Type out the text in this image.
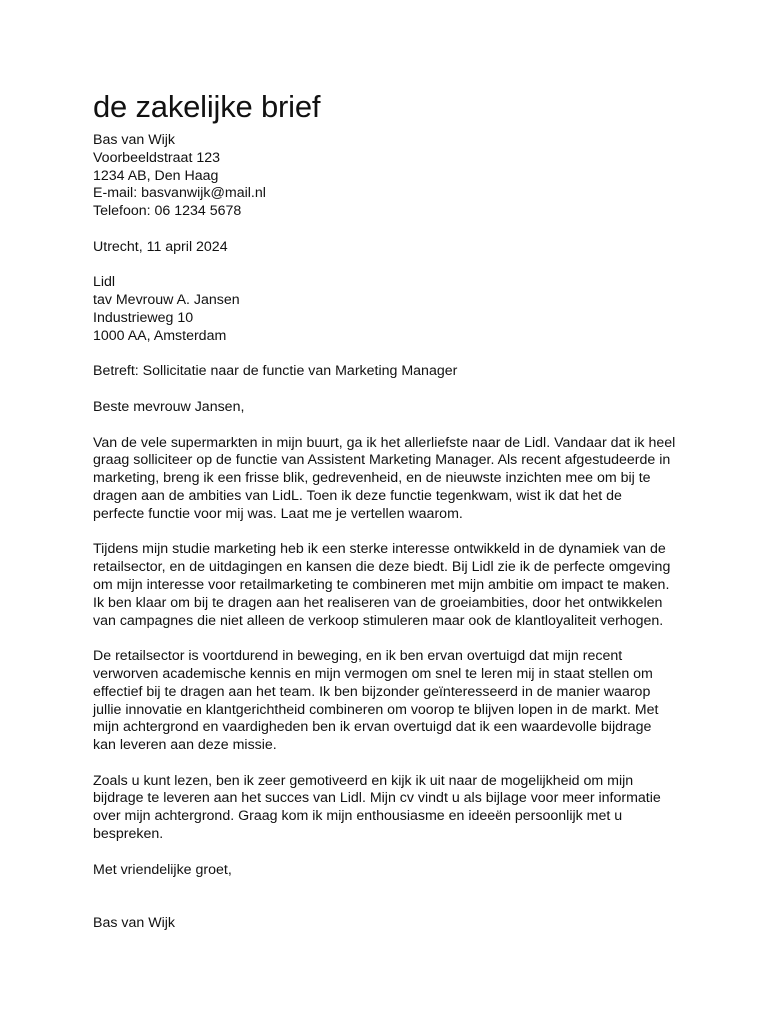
de zakelijke brief
Bas van Wijk
Voorbeeldstraat 123
1234 AB, Den Haag
E-mail: basvanwijk@mail.nl
Telefoon: 06 1234 5678
Utrecht, 11 april 2024
Lidl
tav Mevrouw A. Jansen
Industrieweg 10
1000 AA, Amsterdam
Betreft: Sollicitatie naar de functie van Marketing Manager
Beste mevrouw Jansen,
Van de vele supermarkten in mijn buurt, ga ik het allerliefste naar de Lidl. Vandaar dat ik heel
graag solliciteer op de functie van Assistent Marketing Manager. Als recent afgestudeerde in
marketing, breng ik een frisse blik, gedrevenheid, en de nieuwste inzichten mee om bij te
dragen aan de ambities van LidL. Toen ik deze functie tegenkwam, wist ik dat het de
perfecte functie voor mij was. Laat me je vertellen waarom.
Tijdens mijn studie marketing heb ik een sterke interesse ontwikkeld in de dynamiek van de
retailsector, en de uitdagingen en kansen die deze biedt. Bij Lidl zie ik de perfecte omgeving
om mijn interesse voor retailmarketing te combineren met mijn ambitie om impact te maken.
Ik ben klaar om bij te dragen aan het realiseren van de groeiambities, door het ontwikkelen
van campagnes die niet alleen de verkoop stimuleren maar ook de klantloyaliteit verhogen.
De retailsector is voortdurend in beweging, en ik ben ervan overtuigd dat mijn recent
verworven academische kennis en mijn vermogen om snel te leren mij in staat stellen om
effectief bij te dragen aan het team. Ik ben bijzonder geïnteresseerd in de manier waarop
jullie innovatie en klantgerichtheid combineren om voorop te blijven lopen in de markt. Met
mijn achtergrond en vaardigheden ben ik ervan overtuigd dat ik een waardevolle bijdrage
kan leveren aan deze missie.
Zoals u kunt lezen, ben ik zeer gemotiveerd en kijk ik uit naar de mogelijkheid om mijn
bijdrage te leveren aan het succes van Lidl. Mijn cv vindt u als bijlage voor meer informatie
over mijn achtergrond. Graag kom ik mijn enthousiasme en ideeën persoonlijk met u
bespreken.
Met vriendelijke groet,
Bas van Wijk
